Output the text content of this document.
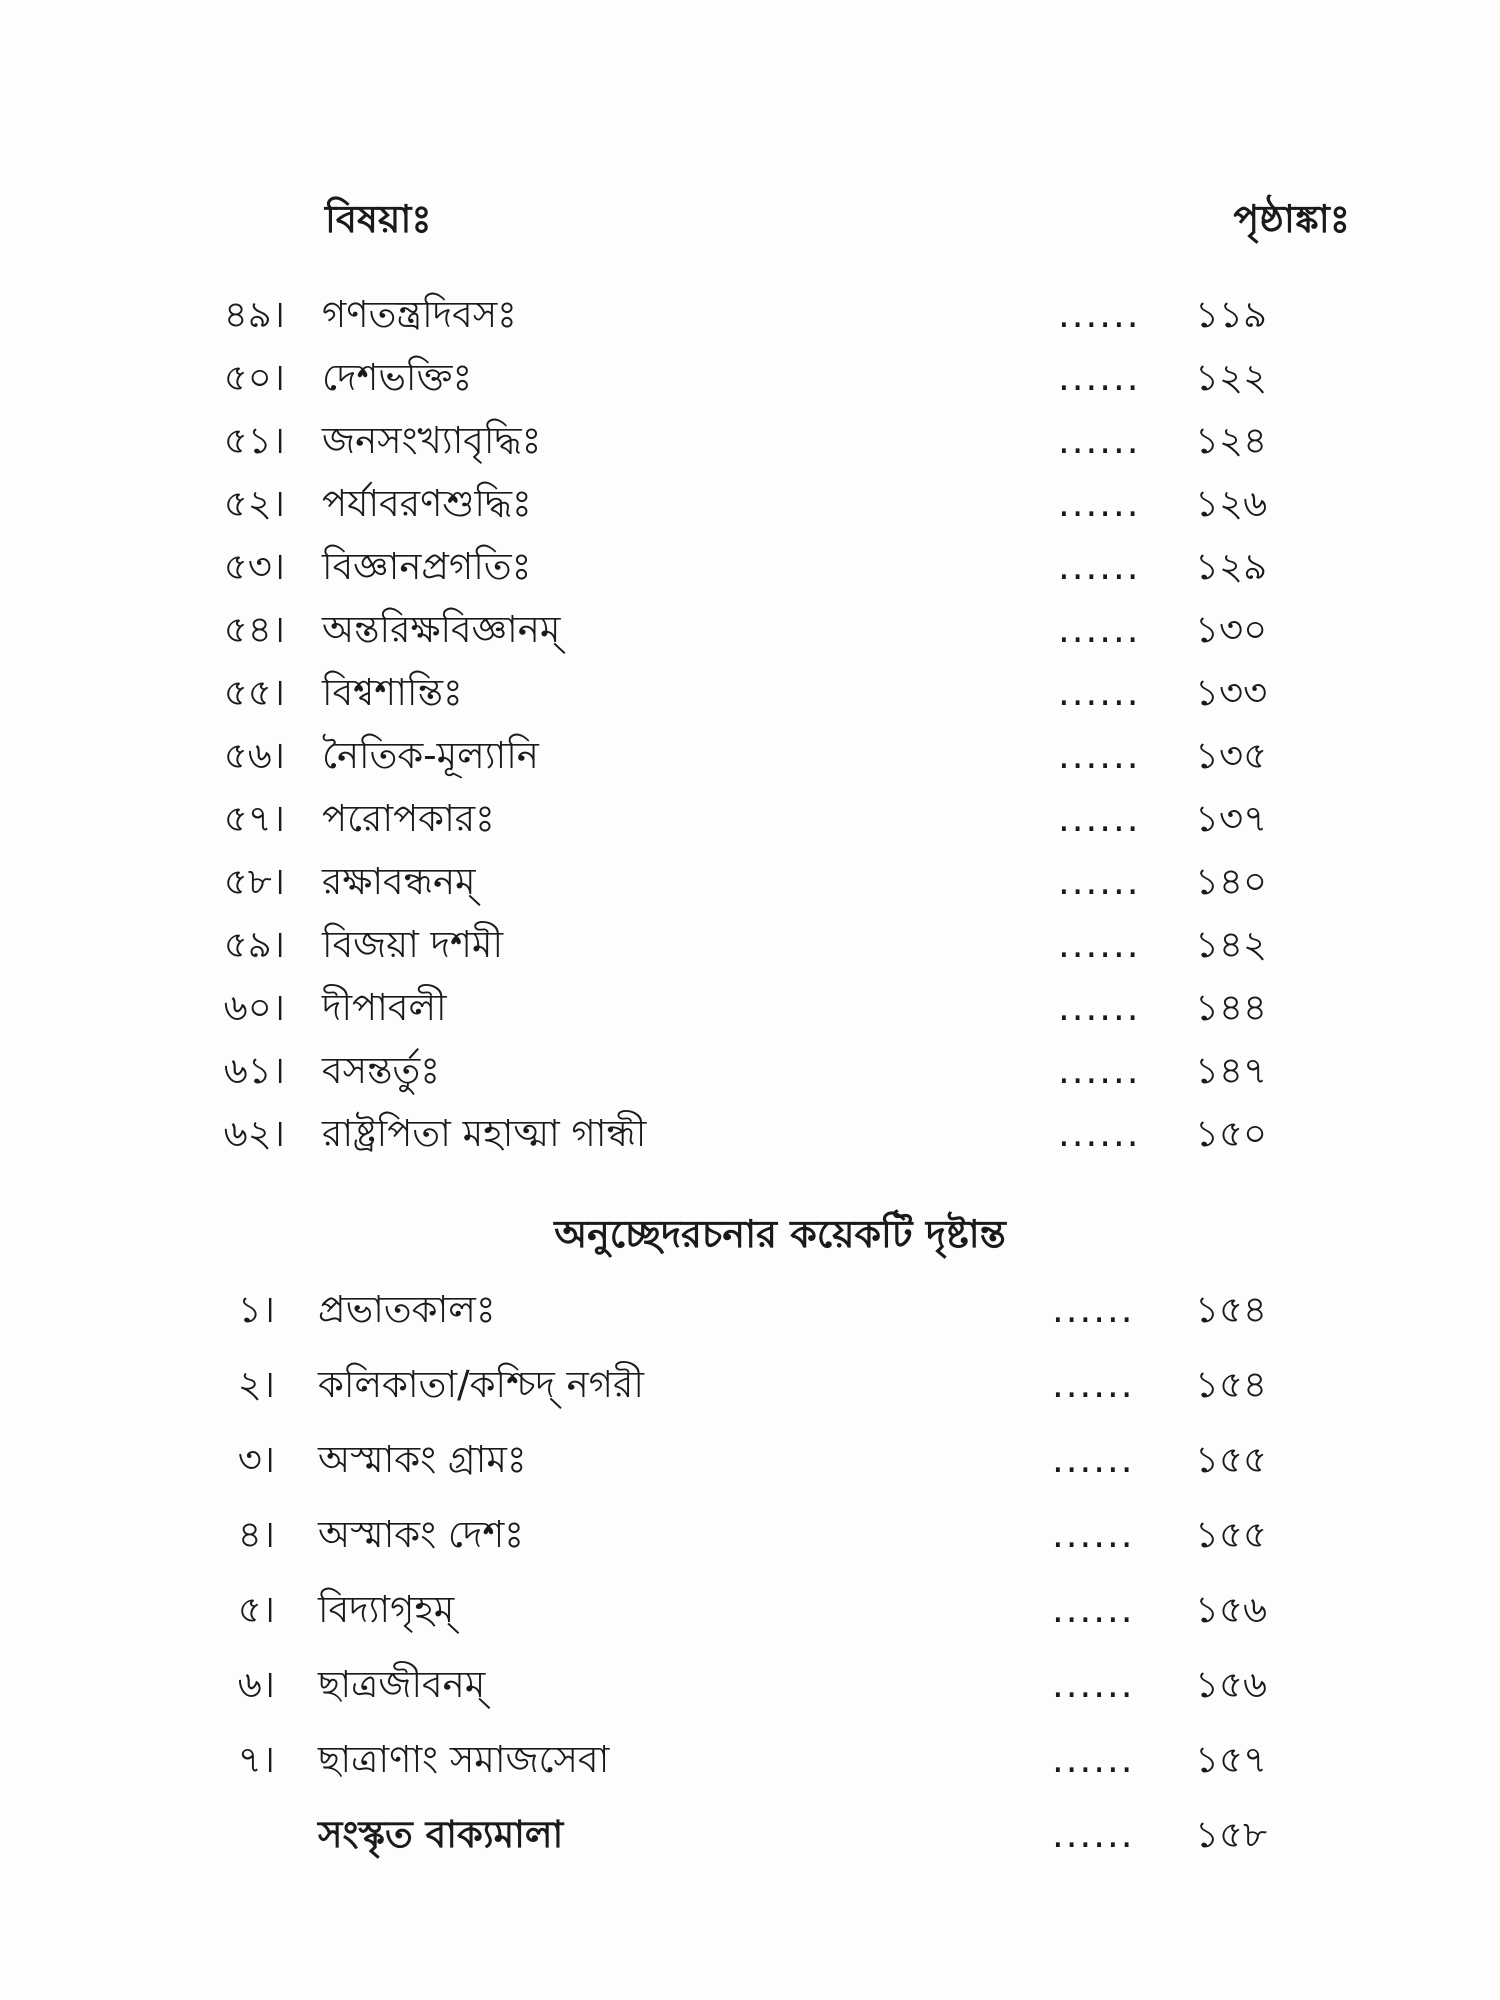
বিষয়াঃ	পৃষ্ঠাঙ্কাঃ
৪৯। গণতন্ত্রদিবসঃ	...... ১১৯
৫০। দেশভক্তিঃ	...... ১২২
৫১। জনসংখ্যাবৃদ্ধিঃ	...... ১২৪
৫২। পর্যাবরণশুদ্ধিঃ	...... ১২৬
৫৩। বিজ্ঞানপ্রগতিঃ	...... ১২৯
৫৪। অন্তরিক্ষবিজ্ঞানম্	...... ১৩০
৫৫। বিশ্বশান্তিঃ	...... ১৩৩
৫৬। নৈতিক-মূল্যানি	...... ১৩৫
৫৭। পরোপকারঃ	...... ১৩৭
৫৮। রক্ষাবন্ধনম্	...... ১৪০
৫৯। বিজয়া দশমী	...... ১৪২
৬০। দীপাবলী	...... ১৪৪
৬১। বসন্তর্তুঃ	...... ১৪৭
৬২। রাষ্ট্রপিতা মহাত্মা গান্ধী	...... ১৫০
অনুচ্ছেদরচনার কয়েকটি দৃষ্টান্ত
১। প্রভাতকালঃ	...... ১৫৪
২। কলিকাতা/কশ্চিদ্ নগরী	...... ১৫৪
৩। অস্মাকং গ্রামঃ	...... ১৫৫
৪। অস্মাকং দেশঃ	...... ১৫৫
৫। বিদ্যাগৃহম্	...... ১৫৬
৬। ছাত্রজীবনম্	...... ১৫৬
৭। ছাত্রাণাং সমাজসেবা	...... ১৫৭
সংস্কৃত বাক্যমালা	...... ১৫৮
